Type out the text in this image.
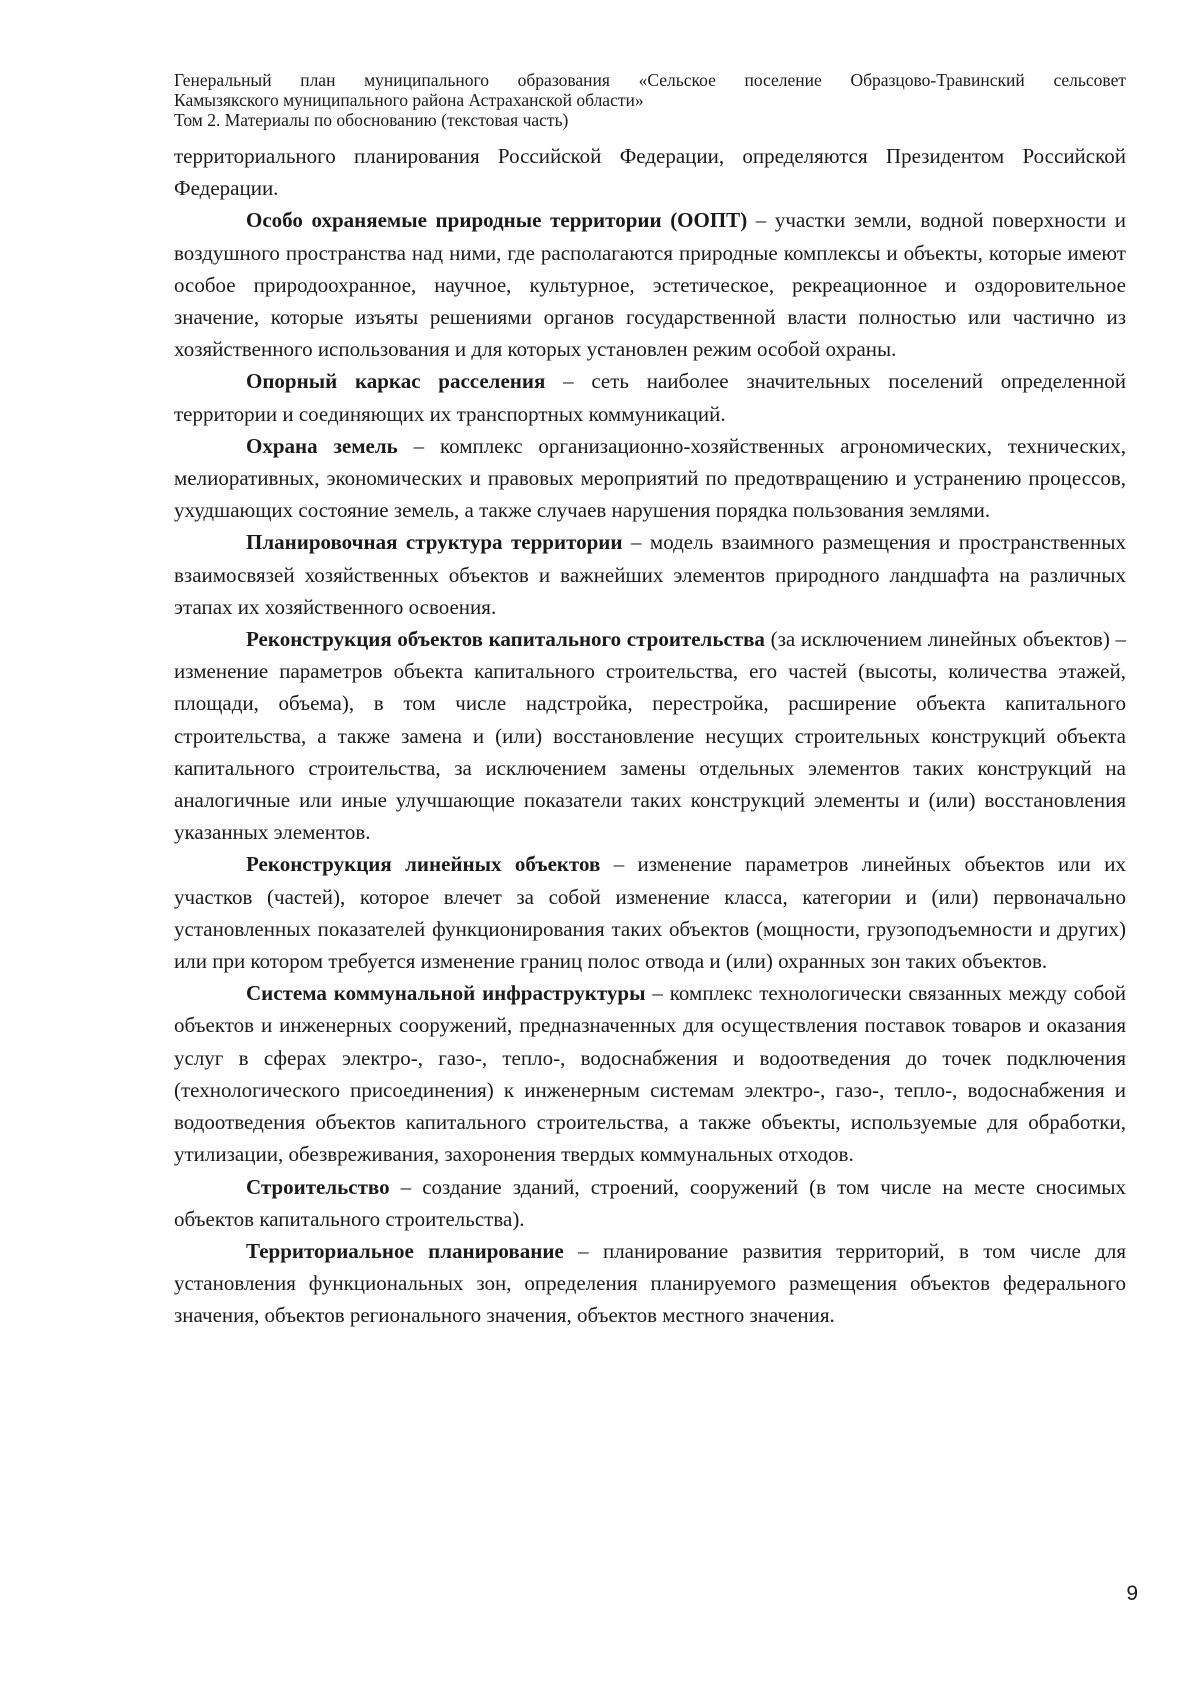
Генеральный план муниципального образования «Сельское поселение Образцово-Травинский сельсовет
Камызякского муниципального района Астраханской области»
Том 2. Материалы по обоснованию (текстовая часть)

территориального планирования Российской Федерации, определяются Президентом Российской Федерации.

Особо охраняемые природные территории (ООПТ) – участки земли, водной поверхности и воздушного пространства над ними, где располагаются природные комплексы и объекты, которые имеют особое природоохранное, научное, культурное, эстетическое, рекреационное и оздоровительное значение, которые изъяты решениями органов государственной власти полностью или частично из хозяйственного использования и для которых установлен режим особой охраны.

Опорный каркас расселения – сеть наиболее значительных поселений определенной территории и соединяющих их транспортных коммуникаций.

Охрана земель – комплекс организационно-хозяйственных агрономических, технических, мелиоративных, экономических и правовых мероприятий по предотвращению и устранению процессов, ухудшающих состояние земель, а также случаев нарушения порядка пользования землями.

Планировочная структура территории – модель взаимного размещения и пространственных взаимосвязей хозяйственных объектов и важнейших элементов природного ландшафта на различных этапах их хозяйственного освоения.

Реконструкция объектов капитального строительства (за исключением линейных объектов) – изменение параметров объекта капитального строительства, его частей (высоты, количества этажей, площади, объема), в том числе надстройка, перестройка, расширение объекта капитального строительства, а также замена и (или) восстановление несущих строительных конструкций объекта капитального строительства, за исключением замены отдельных элементов таких конструкций на аналогичные или иные улучшающие показатели таких конструкций элементы и (или) восстановления указанных элементов.

Реконструкция линейных объектов – изменение параметров линейных объектов или их участков (частей), которое влечет за собой изменение класса, категории и (или) первоначально установленных показателей функционирования таких объектов (мощности, грузоподъемности и других) или при котором требуется изменение границ полос отвода и (или) охранных зон таких объектов.

Система коммунальной инфраструктуры – комплекс технологически связанных между собой объектов и инженерных сооружений, предназначенных для осуществления поставок товаров и оказания услуг в сферах электро-, газо-, тепло-, водоснабжения и водоотведения до точек подключения (технологического присоединения) к инженерным системам электро-, газо-, тепло-, водоснабжения и водоотведения объектов капитального строительства, а также объекты, используемые для обработки, утилизации, обезвреживания, захоронения твердых коммунальных отходов.

Строительство – создание зданий, строений, сооружений (в том числе на месте сносимых объектов капитального строительства).

Территориальное планирование – планирование развития территорий, в том числе для установления функциональных зон, определения планируемого размещения объектов федерального значения, объектов регионального значения, объектов местного значения.

9
